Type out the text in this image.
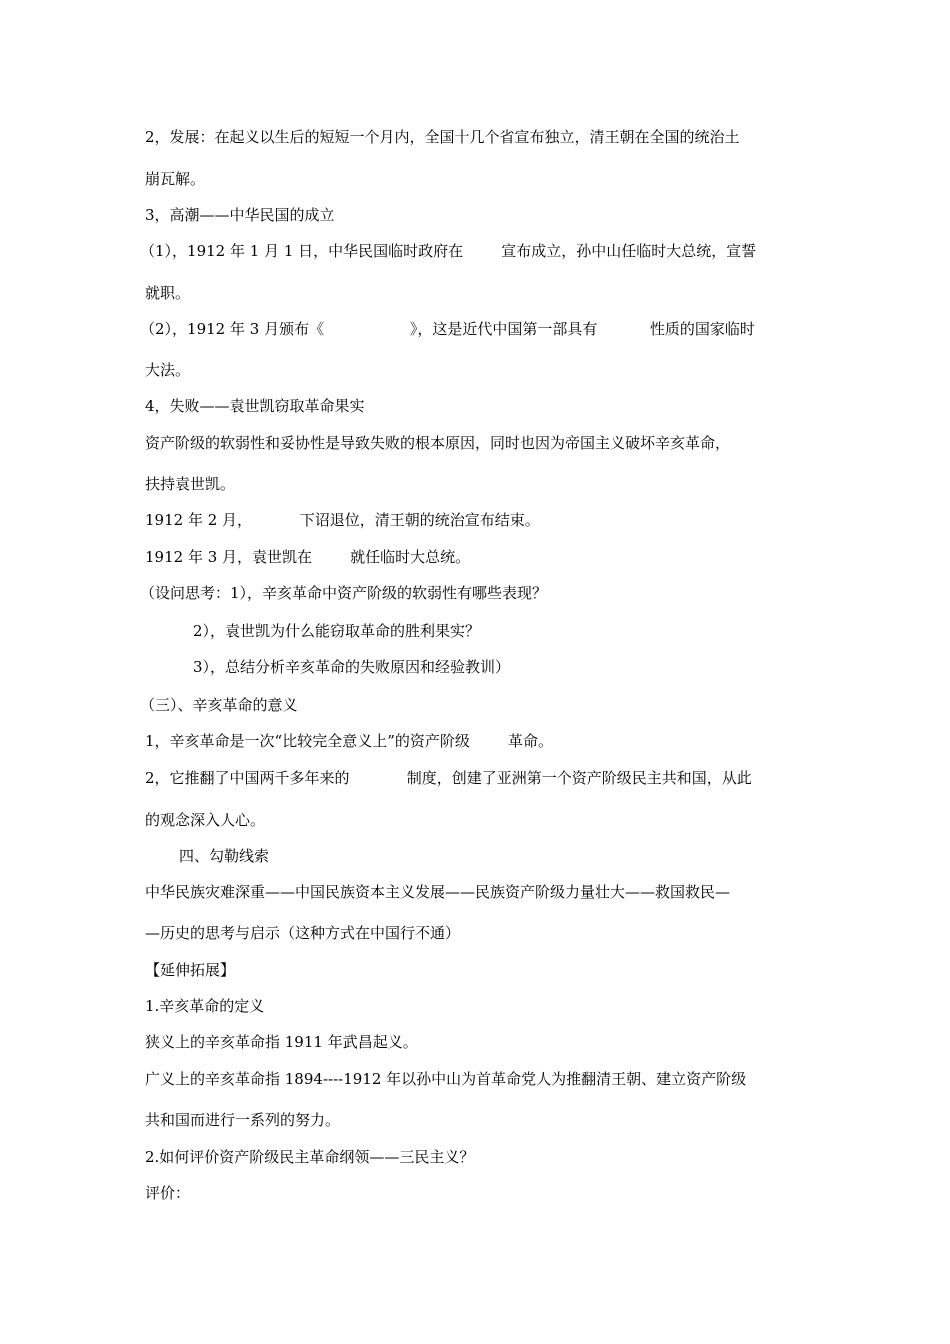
2，发展：在起义以生后的短短一个月内，全国十几个省宣布独立，清王朝在全国的统治土
崩瓦解。
3，高潮——中华民国的成立
（1），1912 年 1 月 1 日，中华民国临时政府在        宣布成立，孙中山任临时大总统，宣誓
就职。
（2），1912 年 3 月颁布《                  》，这是近代中国第一部具有           性质的国家临时
大法。
4，失败——袁世凯窃取革命果实
资产阶级的软弱性和妥协性是导致失败的根本原因，同时也因为帝国主义破坏辛亥革命，
扶持袁世凯。
1912 年 2 月，          下诏退位，清王朝的统治宣布结束。
1912 年 3 月，袁世凯在        就任临时大总统。
（设问思考：1），辛亥革命中资产阶级的软弱性有哪些表现？
2），袁世凯为什么能窃取革命的胜利果实？
3），总结分析辛亥革命的失败原因和经验教训）
（三）、辛亥革命的意义
1，辛亥革命是一次“比较完全意义上”的资产阶级        革命。
2，它推翻了中国两千多年来的            制度，创建了亚洲第一个资产阶级民主共和国，从此
的观念深入人心。
四、勾勒线索
中华民族灾难深重——中国民族资本主义发展——民族资产阶级力量壮大——救国救民—
—历史的思考与启示（这种方式在中国行不通）
【延伸拓展】
1.辛亥革命的定义
狭义上的辛亥革命指 1911 年武昌起义。
广义上的辛亥革命指 1894----1912 年以孙中山为首革命党人为推翻清王朝、建立资产阶级
共和国而进行一系列的努力。
2.如何评价资产阶级民主革命纲领——三民主义？
评价：
